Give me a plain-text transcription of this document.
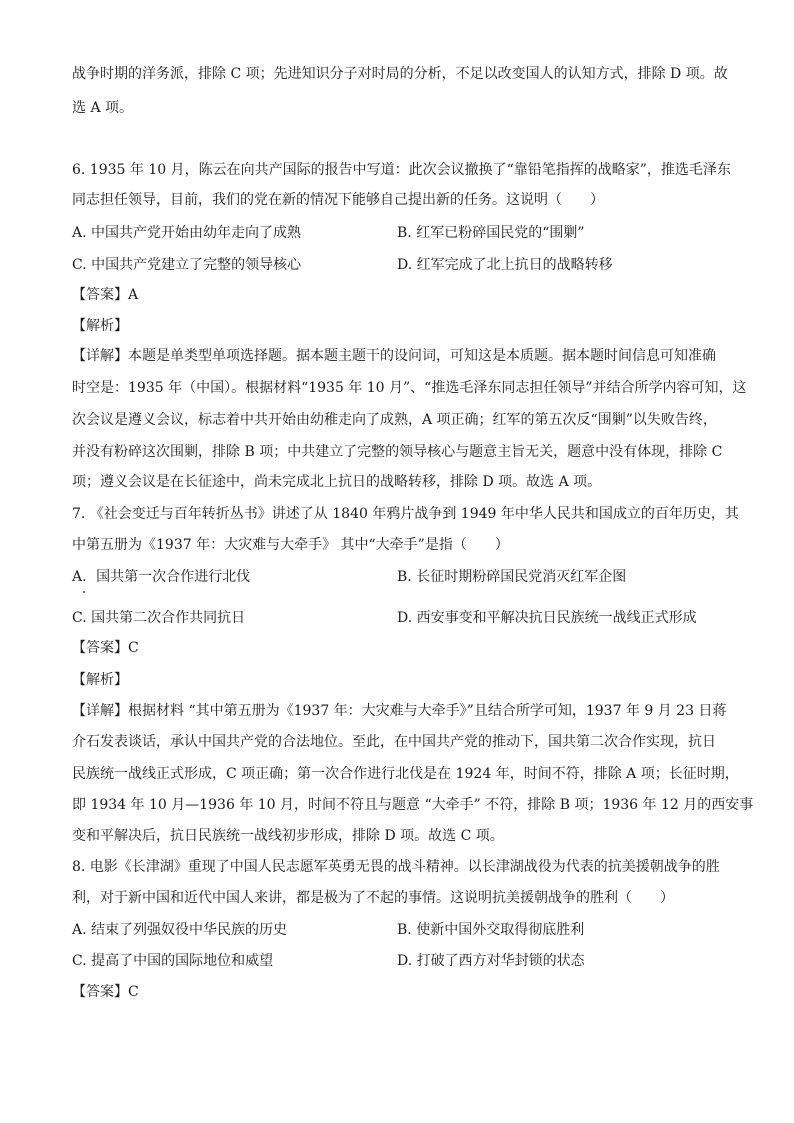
战争时期的洋务派，排除 C 项；先进知识分子对时局的分析，不足以改变国人的认知方式，排除 D 项。故
选 A 项。
6. 1935 年 10 月，陈云在向共产国际的报告中写道：此次会议撤换了“靠铅笔指挥的战略家”，推选毛泽东
同志担任领导，目前，我们的党在新的情况下能够自己提出新的任务。这说明（　　）
A. 中国共产党开始由幼年走向了成熟	B. 红军已粉碎国民党的“围剿”
C. 中国共产党建立了完整的领导核心	D. 红军完成了北上抗日的战略转移
【答案】A
【解析】
【详解】本题是单类型单项选择题。据本题主题干的设问词，可知这是本质题。据本题时间信息可知准确
时空是：1935 年（中国）。根据材料“1935 年 10 月”、“推选毛泽东同志担任领导”并结合所学内容可知，这
次会议是遵义会议，标志着中共开始由幼稚走向了成熟，A 项正确；红军的第五次反“围剿”以失败告终，
并没有粉碎这次围剿，排除 B 项；中共建立了完整的领导核心与题意主旨无关，题意中没有体现，排除 C
项；遵义会议是在长征途中，尚未完成北上抗日的战略转移，排除 D 项。故选 A 项。
7. 《社会变迁与百年转折丛书》讲述了从 1840 年鸦片战争到 1949 年中华人民共和国成立的百年历史，其
中第五册为《1937 年：大灾难与大牵手》 其中“大牵手”是指（　　）
A．国共第一次合作进行北伐	B. 长征时期粉碎国民党消灭红军企图
C. 国共第二次合作共同抗日	D. 西安事变和平解决抗日民族统一战线正式形成
【答案】C
【解析】
【详解】根据材料 “其中第五册为《1937 年：大灾难与大牵手》”且结合所学可知，1937 年 9 月 23 日蒋
介石发表谈话，承认中国共产党的合法地位。至此，在中国共产党的推动下，国共第二次合作实现，抗日
民族统一战线正式形成，C 项正确；第一次合作进行北伐是在 1924 年，时间不符，排除 A 项；长征时期，
即 1934 年 10 月—1936 年 10 月，时间不符且与题意 “大牵手” 不符，排除 B 项；1936 年 12 月的西安事
变和平解决后，抗日民族统一战线初步形成，排除 D 项。故选 C 项。
8. 电影《长津湖》重现了中国人民志愿军英勇无畏的战斗精神。以长津湖战役为代表的抗美援朝战争的胜
利，对于新中国和近代中国人来讲，都是极为了不起的事情。这说明抗美援朝战争的胜利（　　）
A. 结束了列强奴役中华民族的历史	B. 使新中国外交取得彻底胜利
C. 提高了中国的国际地位和威望	D. 打破了西方对华封锁的状态
【答案】C
